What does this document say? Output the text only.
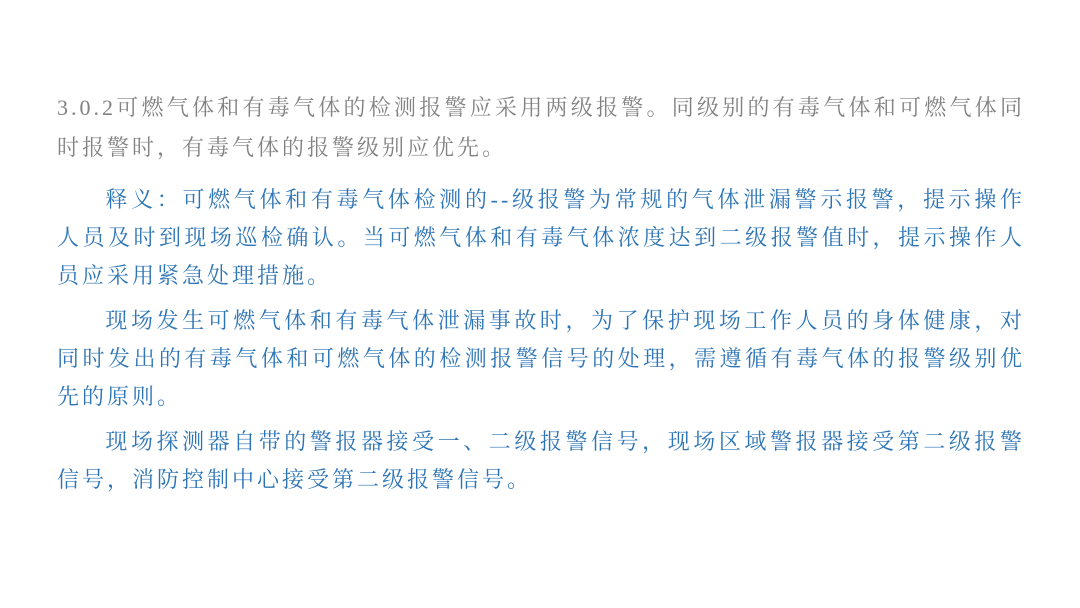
3.0.2可燃气体和有毒气体的检测报警应采用两级报警。同级别的有毒气体和可燃气体同时报警时，有毒气体的报警级别应优先。

释义：可燃气体和有毒气体检测的--级报警为常规的气体泄漏警示报警，提示操作人员及时到现场巡检确认。当可燃气体和有毒气体浓度达到二级报警值时，提示操作人员应采用紧急处理措施。

现场发生可燃气体和有毒气体泄漏事故时，为了保护现场工作人员的身体健康，对同时发出的有毒气体和可燃气体的检测报警信号的处理，需遵循有毒气体的报警级别优先的原则。

现场探测器自带的警报器接受一、二级报警信号，现场区域警报器接受第二级报警信号，消防控制中心接受第二级报警信号。
